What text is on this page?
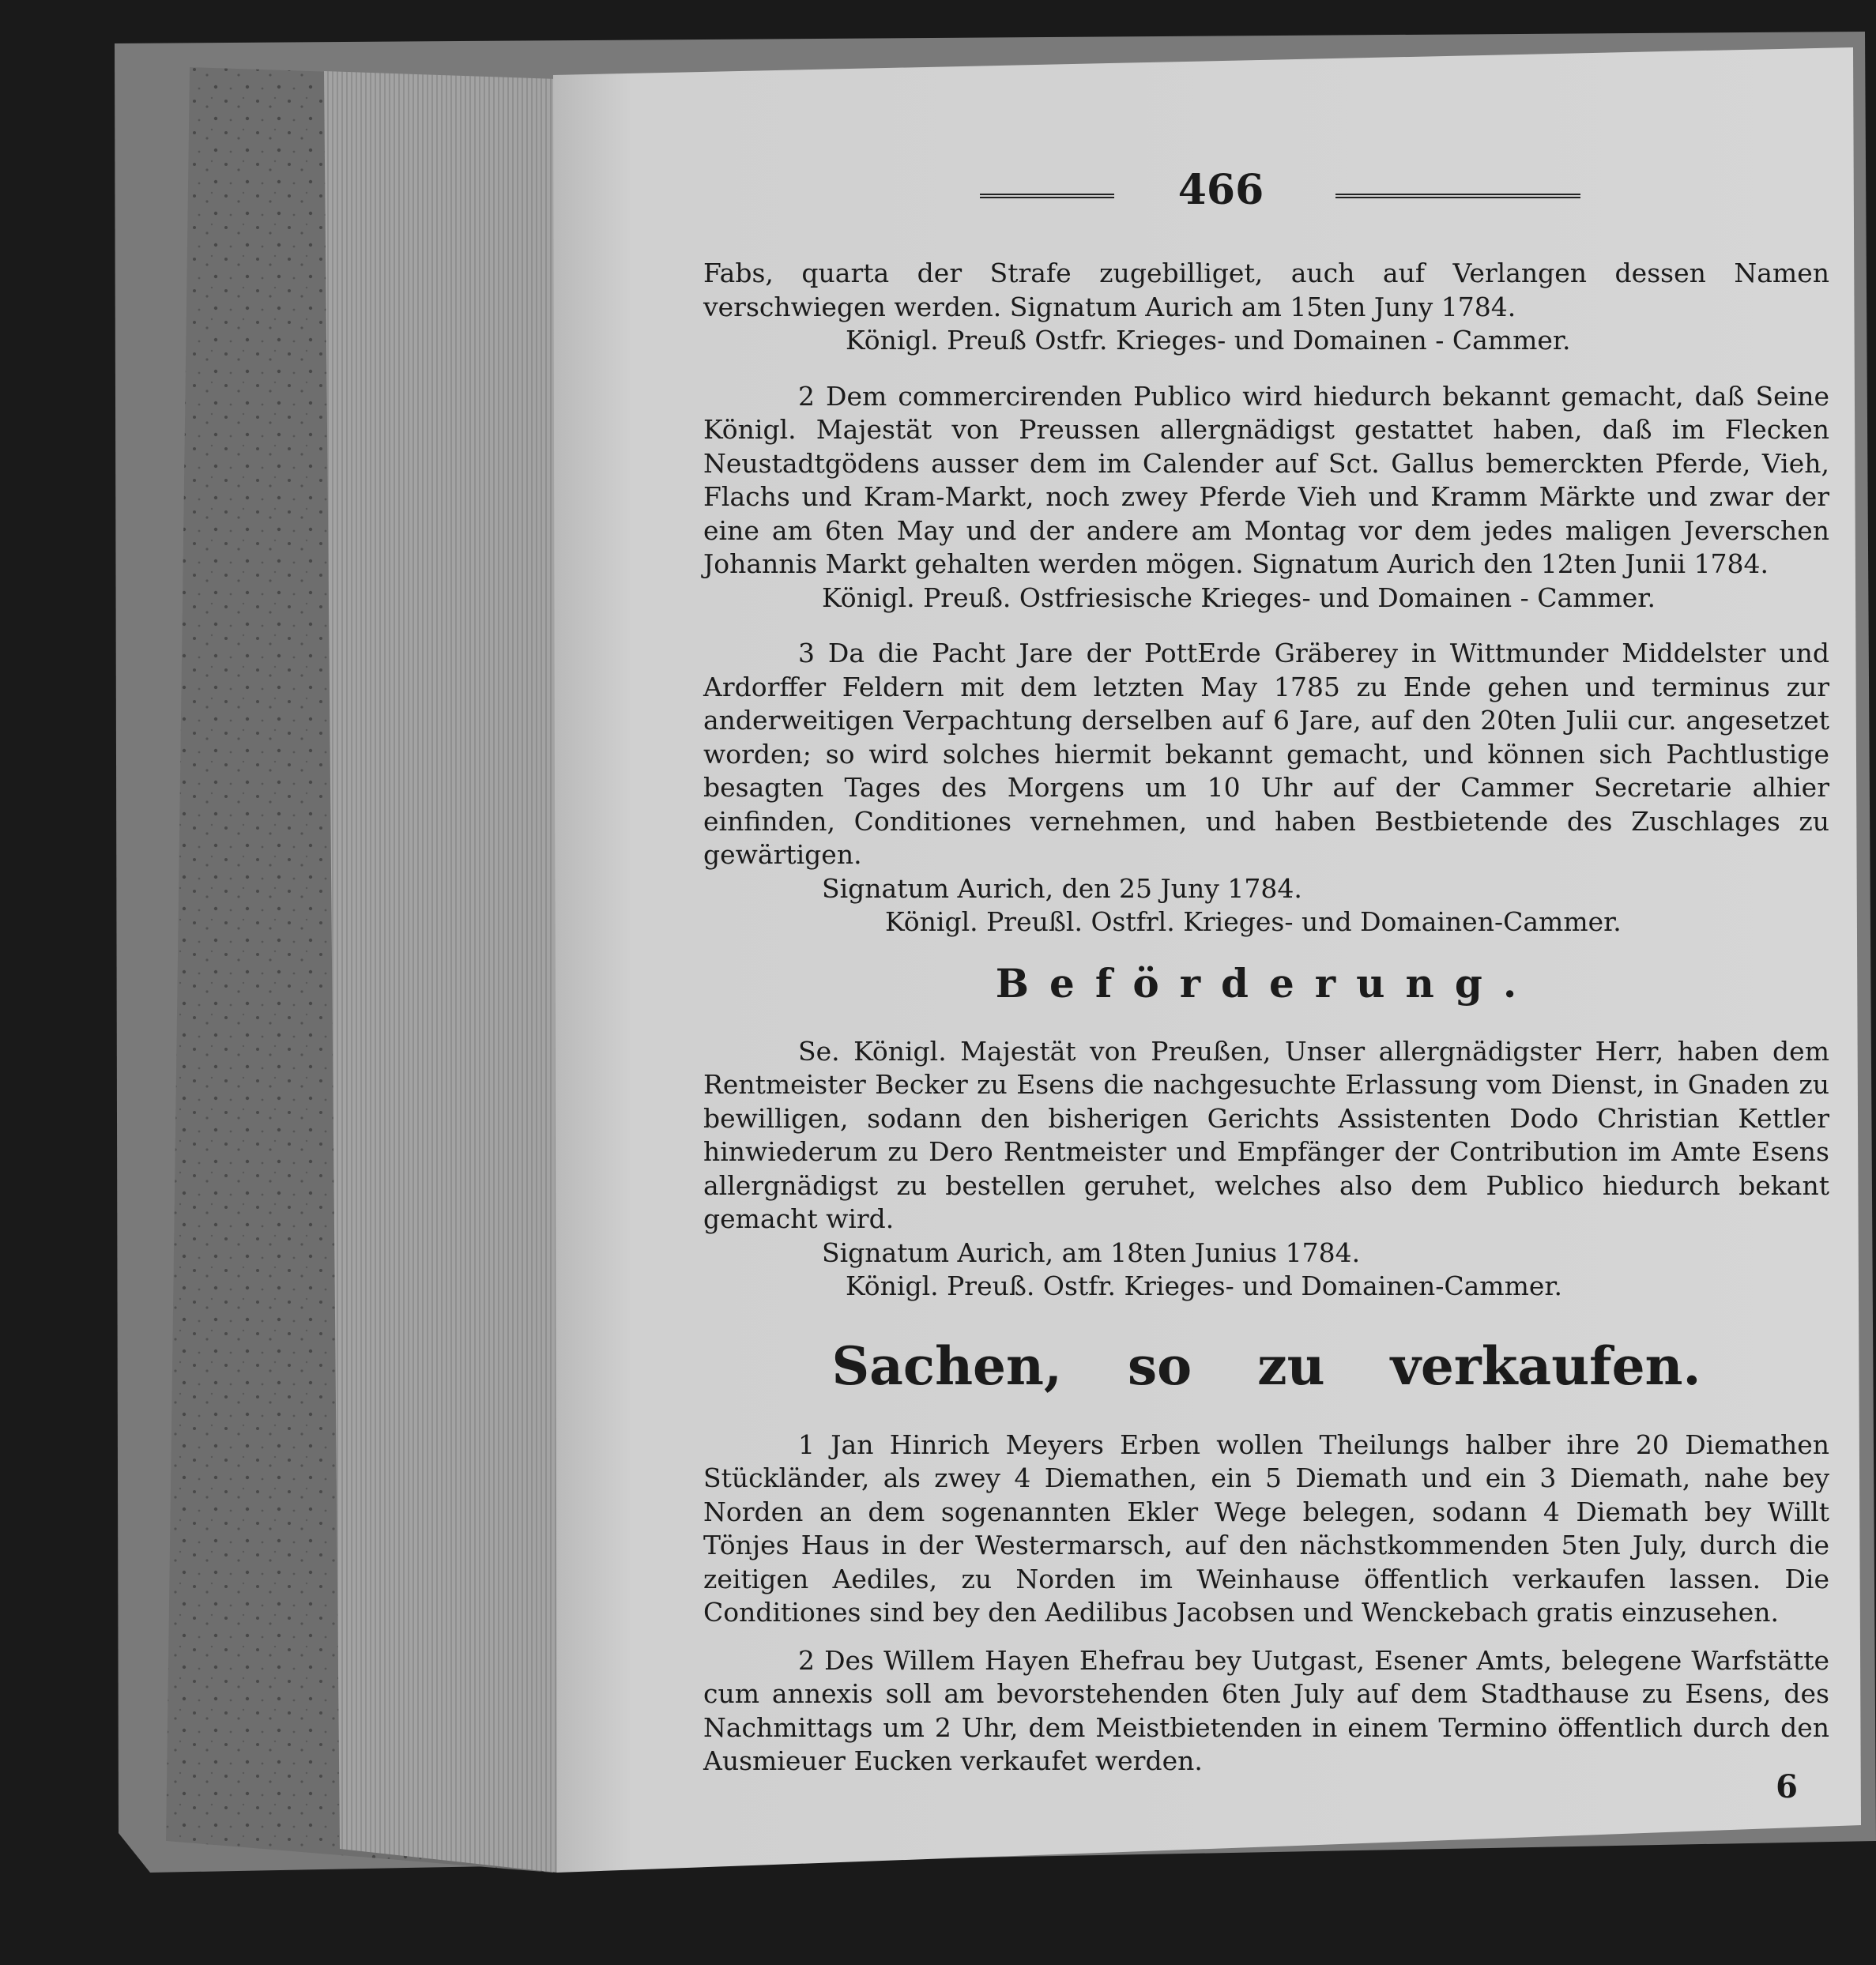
466

Fabs, quarta der Strafe zugebilliget, auch auf Verlangen dessen Namen verschwiegen werden. Signatum Aurich am 15ten Juny 1784.

Königl. Preuß Ostfr. Krieges- und Domainen - Cammer.

2 Dem commercirenden Publico wird hiedurch bekannt gemacht, daß Seine Königl. Majestät von Preussen allergnädigst gestattet haben, daß im Flecken Neustadtgödens ausser dem im Calender auf Sct. Gallus bemerckten Pferde, Vieh, Flachs und Kram-Markt, noch zwey Pferde Vieh und Kramm Märkte und zwar der eine am 6ten May und der andere am Montag vor dem jedes maligen Jeverschen Johannis Markt gehalten werden mögen. Signatum Aurich den 12ten Junii 1784.

Königl. Preuß. Ostfriesische Krieges- und Domainen - Cammer.

3 Da die Pacht Jare der PottErde Gräberey in Wittmunder Middelster und Ardorffer Feldern mit dem letzten May 1785 zu Ende gehen und terminus zur anderweitigen Verpachtung derselben auf 6 Jare, auf den 20ten Julii cur. angesetzet worden; so wird solches hiermit bekannt gemacht, und können sich Pachtlustige besagten Tages des Morgens um 10 Uhr auf der Cammer Secretarie alhier einfinden, Conditiones vernehmen, und haben Bestbietende des Zuschlages zu gewärtigen.

Signatum Aurich, den 25 Juny 1784.

Königl. Preußl. Ostfrl. Krieges- und Domainen-Cammer.

Beförderung.

Se. Königl. Majestät von Preußen, Unser allergnädigster Herr, haben dem Rentmeister Becker zu Esens die nachgesuchte Erlassung vom Dienst, in Gnaden zu bewilligen, sodann den bisherigen Gerichts Assistenten Dodo Christian Kettler hinwiederum zu Dero Rentmeister und Empfänger der Contribution im Amte Esens allergnädigst zu bestellen geruhet, welches also dem Publico hiedurch bekant gemacht wird.

Signatum Aurich, am 18ten Junius 1784.

Königl. Preuß. Ostfr. Krieges- und Domainen-Cammer.

Sachen, so zu verkaufen.

1 Jan Hinrich Meyers Erben wollen Theilungs halber ihre 20 Diemathen Stückländer, als zwey 4 Diemathen, ein 5 Diemath und ein 3 Diemath, nahe bey Norden an dem sogenannten Ekler Wege belegen, sodann 4 Diemath bey Willt Tönjes Haus in der Westermarsch, auf den nächstkommenden 5ten July, durch die zeitigen Aediles, zu Norden im Weinhause öffentlich verkaufen lassen. Die Conditiones sind bey den Aedilibus Jacobsen und Wenckebach gratis einzusehen.

2 Des Willem Hayen Ehefrau bey Uutgast, Esener Amts, belegene Warfstätte cum annexis soll am bevorstehenden 6ten July auf dem Stadthause zu Esens, des Nachmittags um 2 Uhr, dem Meistbietenden in einem Termino öffentlich durch den Ausmieuer Eucken verkaufet werden.

6
